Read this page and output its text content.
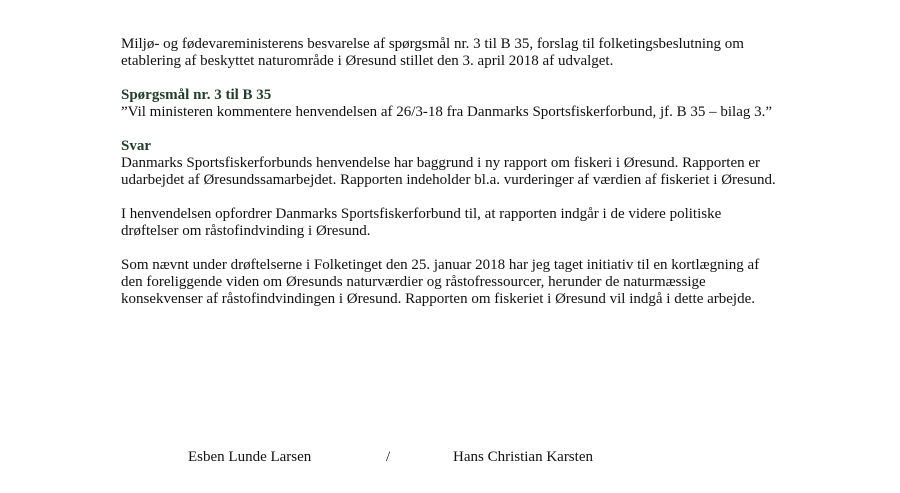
Miljø- og fødevareministerens besvarelse af spørgsmål nr. 3 til B 35, forslag til folketingsbeslutning om etablering af beskyttet naturområde i Øresund stillet den 3. april 2018 af udvalget.

Spørgsmål nr. 3 til B 35

”Vil ministeren kommentere henvendelsen af 26/3-18 fra Danmarks Sportsfiskerforbund, jf. B 35 – bilag 3.”

Svar

Danmarks Sportsfiskerforbunds henvendelse har baggrund i ny rapport om fiskeri i Øresund. Rapporten er udarbejdet af Øresundssamarbejdet. Rapporten indeholder bl.a. vurderinger af værdien af fiskeriet i Øresund.

I henvendelsen opfordrer Danmarks Sportsfiskerforbund til, at rapporten indgår i de videre politiske drøftelser om råstofindvinding i Øresund.

Som nævnt under drøftelserne i Folketinget den 25. januar 2018 har jeg taget initiativ til en kortlægning af den foreliggende viden om Øresunds naturværdier og råstofressourcer, herunder de naturmæssige konsekvenser af råstofindvindingen i Øresund. Rapporten om fiskeriet i Øresund vil indgå i dette arbejde.

Esben Lunde Larsen	/	Hans Christian Karsten
